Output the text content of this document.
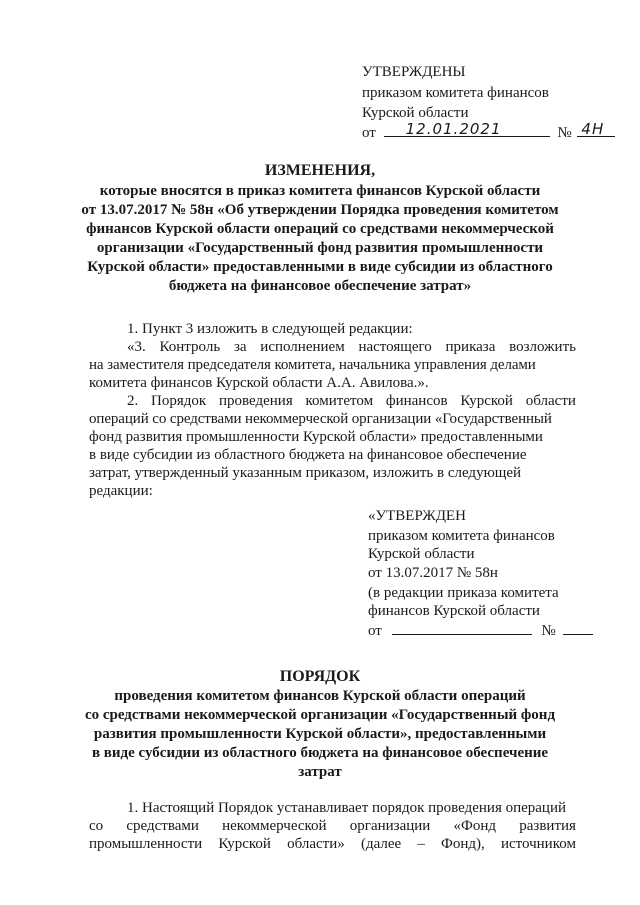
УТВЕРЖДЕНЫ
приказом комитета финансов
Курской области
от 12.01.2021	№ 4Н
ИЗМЕНЕНИЯ,
которые вносятся в приказ комитета финансов Курской области
от 13.07.2017 № 58н «Об утверждении Порядка проведения комитетом
финансов Курской области операций со средствами некоммерческой
организации «Государственный фонд развития промышленности
Курской области» предоставленными в виде субсидии из областного
бюджета на финансовое обеспечение затрат»
1. Пункт 3 изложить в следующей редакции:
«3. Контроль за исполнением настоящего приказа возложить
на заместителя председателя комитета, начальника управления делами
комитета финансов Курской области А.А. Авилова.».
2. Порядок проведения комитетом финансов Курской области
операций со средствами некоммерческой организации «Государственный
фонд развития промышленности Курской области» предоставленными
в виде субсидии из областного бюджета на финансовое обеспечение
затрат, утвержденный указанным приказом, изложить в следующей
редакции:
«УТВЕРЖДЕН
приказом комитета финансов
Курской области
от 13.07.2017 № 58н
(в редакции приказа комитета
финансов Курской области
от	№
ПОРЯДОК
проведения комитетом финансов Курской области операций
со средствами некоммерческой организации «Государственный фонд
развития промышленности Курской области», предоставленными
в виде субсидии из областного бюджета на финансовое обеспечение
затрат
1. Настоящий Порядок устанавливает порядок проведения операций
со средствами некоммерческой организации «Фонд развития
промышленности Курской области» (далее – Фонд), источником
